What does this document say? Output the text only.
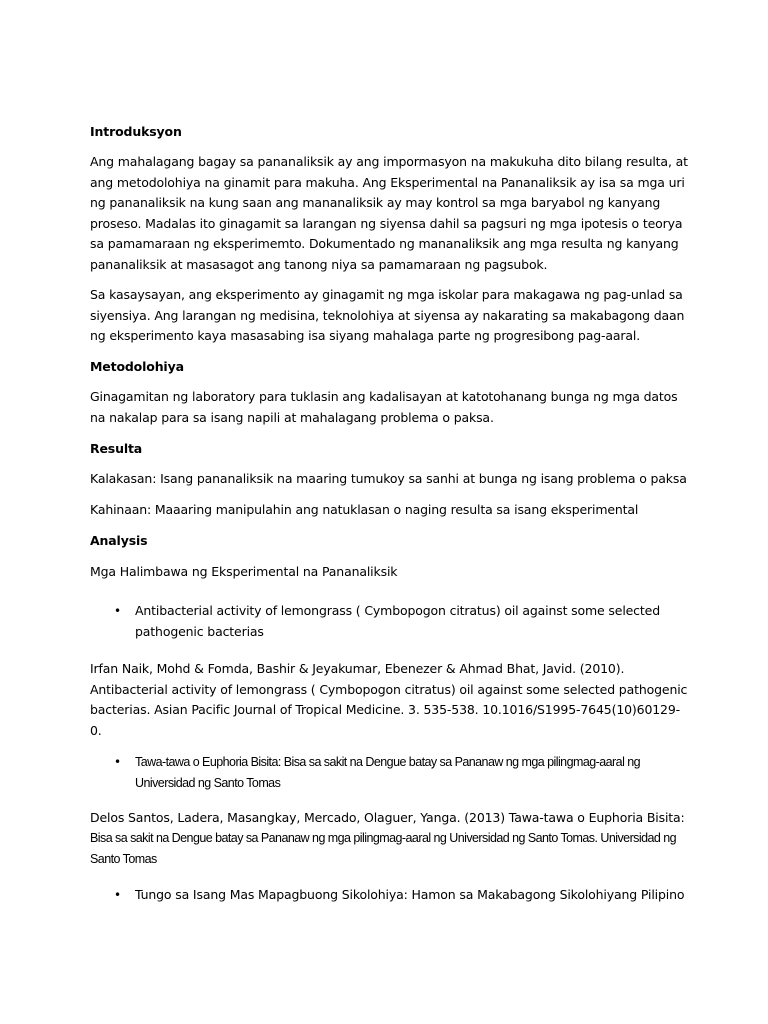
Introduksyon

Ang mahalagang bagay sa pananaliksik ay ang impormasyon na makukuha dito bilang resulta, at ang metodolohiya na ginamit para makuha. Ang Eksperimental na Pananaliksik ay isa sa mga uri ng pananaliksik na kung saan ang mananaliksik ay may kontrol sa mga baryabol ng kanyang proseso. Madalas ito ginagamit sa larangan ng siyensa dahil sa pagsuri ng mga ipotesis o teorya sa pamamaraan ng eksperimemto. Dokumentado ng mananaliksik ang mga resulta ng kanyang pananaliksik at masasagot ang tanong niya sa pamamaraan ng pagsubok.

Sa kasaysayan, ang eksperimento ay ginagamit ng mga iskolar para makagawa ng pag-unlad sa siyensiya. Ang larangan ng medisina, teknolohiya at siyensa ay nakarating sa makabagong daan ng eksperimento kaya masasabing isa siyang mahalaga parte ng progresibong pag-aaral.

Metodolohiya

Ginagamitan ng laboratory para tuklasin ang kadalisayan at katotohanang bunga ng mga datos na nakalap para sa isang napili at mahalagang problema o paksa.

Resulta

Kalakasan: Isang pananaliksik na maaring tumukoy sa sanhi at bunga ng isang problema o paksa

Kahinaan: Maaaring manipulahin ang natuklasan o naging resulta sa isang eksperimental

Analysis

Mga Halimbawa ng Eksperimental na Pananaliksik

•	Antibacterial activity of lemongrass ( Cymbopogon citratus) oil against some selected pathogenic bacterias

Irfan Naik, Mohd & Fomda, Bashir & Jeyakumar, Ebenezer & Ahmad Bhat, Javid. (2010). Antibacterial activity of lemongrass ( Cymbopogon citratus) oil against some selected pathogenic bacterias. Asian Pacific Journal of Tropical Medicine. 3. 535-538. 10.1016/S1995-7645(10)60129-0.

•	Tawa-tawa o Euphoria Bisita: Bisa sa sakit na Dengue batay sa Pananaw ng mga pilingmag-aaral ng Universidad ng Santo Tomas

Delos Santos, Ladera, Masangkay, Mercado, Olaguer, Yanga. (2013) Tawa-tawa o Euphoria Bisita:

Bisa sa sakit na Dengue batay sa Pananaw ng mga pilingmag-aaral ng Universidad ng Santo Tomas. Universidad ng Santo Tomas

•	Tungo sa Isang Mas Mapagbuong Sikolohiya: Hamon sa Makabagong Sikolohiyang Pilipino
